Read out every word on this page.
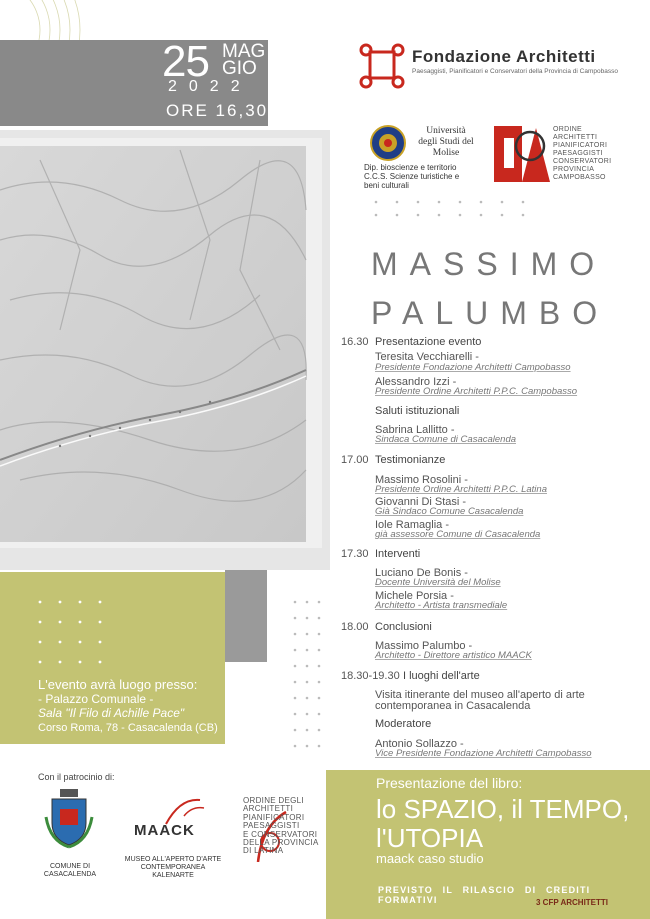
25 MAG
GIO
2022
ORE 16,30
Fondazione Architetti
Paesaggisti, Pianificatori e Conservatori della Provincia di Campobasso
Università degli Studi del Molise
Dip. bioscienze e territorio C.C.S. Scienze turistiche e beni culturali
ORDINE
ARCHITETTI
PIANIFICATORI
PAESAGGISTI
CONSERVATORI
PROVINCIA
CAMPOBASSO
MASSIMO
PALUMBO
L'evento avrà luogo presso:
- Palazzo Comunale -
Sala "Il Filo di Achille Pace"
Corso Roma, 78 - Casacalenda (CB)
16.30 Presentazione evento
Teresita Vecchiarelli -
Presidente Fondazione Architetti Campobasso
Alessandro Izzi -
Presidente Ordine Architetti P.P.C. Campobasso
Saluti istituzionali
Sabrina Lallitto -
Sindaca Comune di Casacalenda
17.00 Testimonianze
Massimo Rosolini -
Presidente Ordine Architetti P.P.C. Latina
Giovanni Di Stasi -
Già Sindaco Comune Casacalenda
Iole Ramaglia -
già assessore Comune di Casacalenda
17.30 Interventi
Luciano De Bonis -
Docente Università del Molise
Michele Porsia -
Architetto - Artista transmediale
18.00 Conclusioni
Massimo Palumbo -
Architetto - Direttore artistico MAACK
18.30-19.30 I luoghi dell'arte
Visita itinerante del museo all'aperto di arte
contemporanea in Casacalenda
Moderatore
Antonio Sollazzo -
Vice Presidente Fondazione Architetti Campobasso
Con il patrocinio di:
COMUNE DI CASACALENDA
MAACK
MUSEO ALL'APERTO D'ARTE CONTEMPORANEA KALENARTE
ORDINE DEGLI
ARCHITETTI
PIANIFICATORI
PAESAGGISTI
E CONSERVATORI
DELLA PROVINCIA
DI LATINA
Presentazione del libro:
lo SPAZIO, il TEMPO,
l'UTOPIA
maack caso studio
PREVISTO IL RILASCIO DI CREDITI FORMATIVI	3 CFP ARCHITETTI
